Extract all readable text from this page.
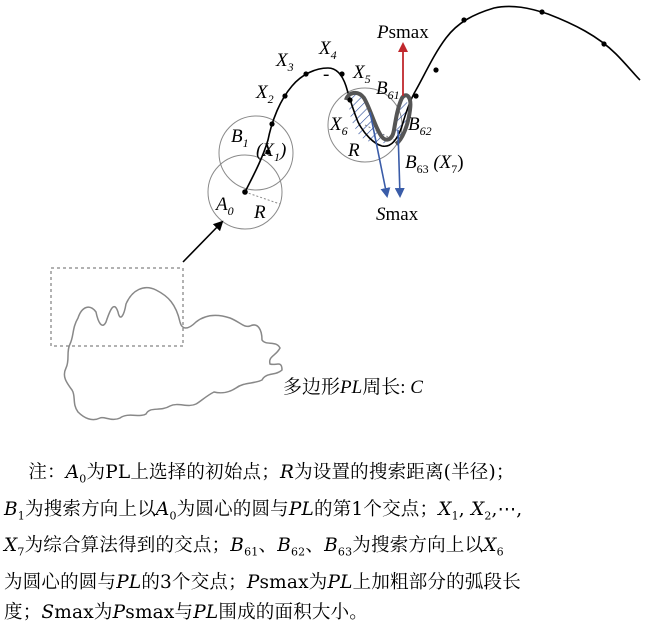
$X_2$
$X_3$
$X_4$
- $X_5$
$X_6$
R
$B_{61}$
$B_{62}$
$B_{63}$ $(X_7)$
Psmax
Smax
$B_1$ $(X_1)$
$A_0$ R
多边形PL周长: C

注：$A_0$为PL上选择的初始点；R为设置的搜索距离(半径)；

$B_1$为搜索方向上以$A_0$为圆心的圆与PL的第1个交点；$X_1$, $X_2,\cdots$,

$X_7$为综合算法得到的交点；$B_{61}$、$B_{62}$、$B_{63}$为搜索方向上以$X_6$

为圆心的圆与PL的3个交点；Psmax为PL上加粗部分的弧段长

度；Smax为Psmax与PL围成的面积大小。
